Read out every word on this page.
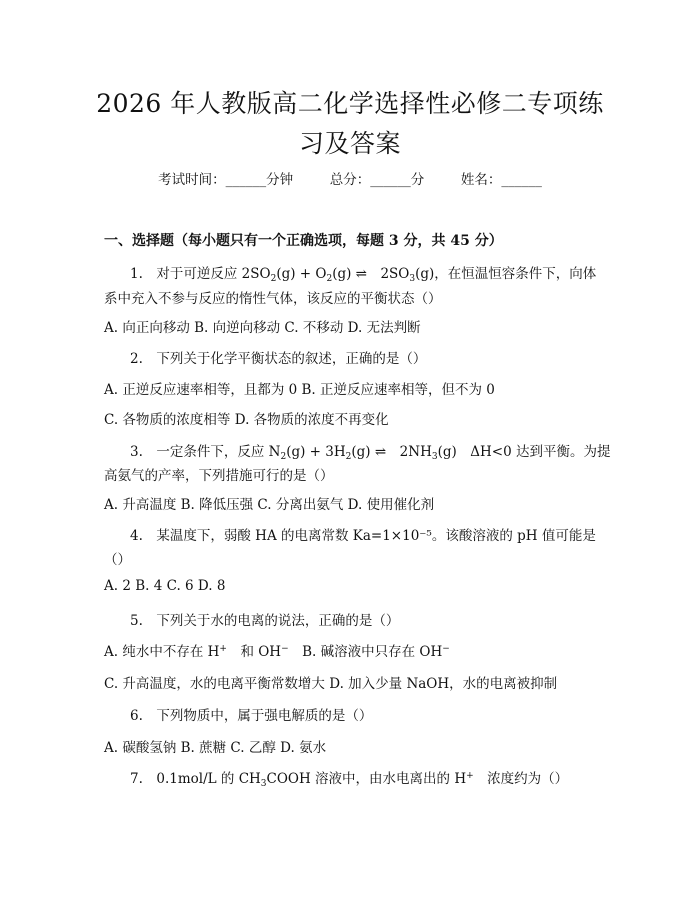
2026 年人教版高二化学选择性必修二专项练
习及答案
考试时间：______分钟	总分：______分	姓名：______
一、选择题（每小题只有一个正确选项，每题 3 分，共 45 分）
1.　对于可逆反应 $2SO_2(g) + O_2(g)$ ⇌　$2SO_3(g)$，在恒温恒容条件下，向体
系中充入不参与反应的惰性气体，该反应的平衡状态（）
A. 向正向移动 B. 向逆向移动 C. 不移动 D. 无法判断
2.　下列关于化学平衡状态的叙述，正确的是（）
A. 正逆反应速率相等，且都为 0 B. 正逆反应速率相等，但不为 0
C. 各物质的浓度相等 D. 各物质的浓度不再变化
3.　一定条件下，反应 $N_2(g) + 3H_2(g)$ ⇌　$2NH_3(g)$　ΔH<0 达到平衡。为提
高氨气的产率，下列措施可行的是（）
A. 升高温度 B. 降低压强 C. 分离出氨气 D. 使用催化剂
4.　某温度下，弱酸 HA 的电离常数 Ka=1×10⁻⁵。该酸溶液的 pH 值可能是
（）
A. 2 B. 4 C. 6 D. 8
5.　下列关于水的电离的说法，正确的是（）
A. 纯水中不存在 H+　和 OH−　B. 碱溶液中只存在 OH−
C. 升高温度，水的电离平衡常数增大 D. 加入少量 NaOH，水的电离被抑制
6.　下列物质中，属于强电解质的是（）
A. 碳酸氢钠 B. 蔗糖 C. 乙醇 D. 氨水
7.　0.1mol/L 的 $CH_3COOH$ 溶液中，由水电离出的 H+　浓度约为（）
